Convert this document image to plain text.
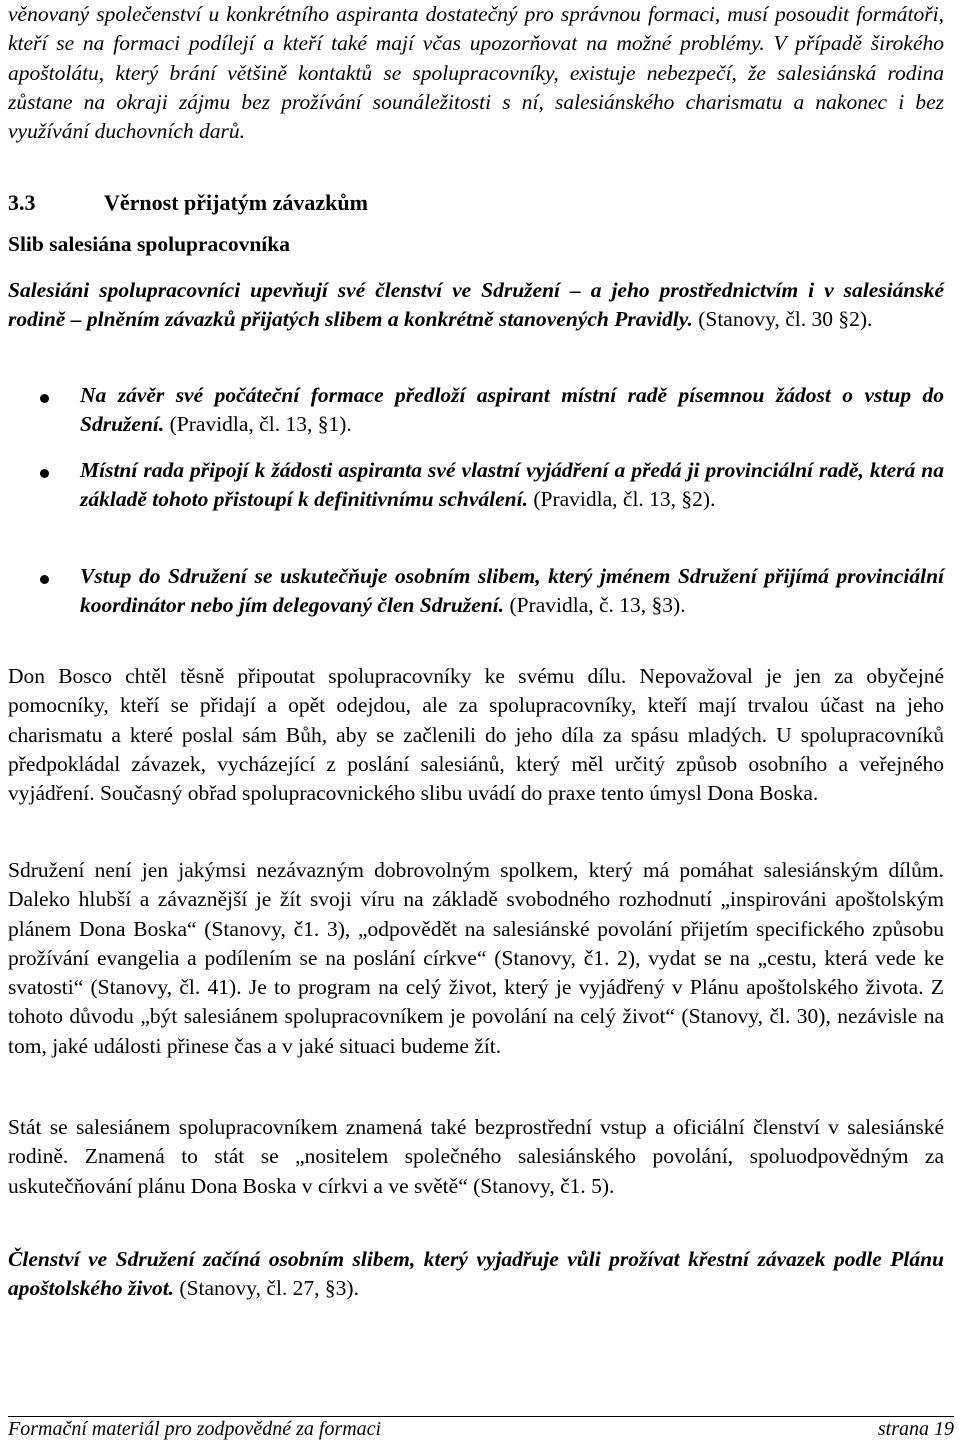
věnovaný společenství u konkrétního aspiranta dostatečný pro správnou formaci, musí posoudit formátoři, kteří se na formaci podílejí a kteří také mají včas upozorňovat na možné problémy. V případě širokého apoštolátu, který brání většině kontaktů se spolupracovníky, existuje nebezpečí, že salesiánská rodina zůstane na okraji zájmu bez prožívání sounáležitosti s ní, salesiánského charismatu a nakonec i bez využívání duchovních darů.

3.3	Věrnost přijatým závazkům
Slib salesiána spolupracovníka

Salesiáni spolupracovníci upevňují své členství ve Sdružení – a jeho prostřednictvím i v salesiánské rodině – plněním závazků přijatých slibem a konkrétně stanovených Pravidly. (Stanovy, čl. 30 §2).

Na závěr své počáteční formace předloží aspirant místní radě písemnou žádost o vstup do Sdružení. (Pravidla, čl. 13, §1).

Místní rada připojí k žádosti aspiranta své vlastní vyjádření a předá ji provinciální radě, která na základě tohoto přistoupí k definitivnímu schválení. (Pravidla, čl. 13, §2).

Vstup do Sdružení se uskutečňuje osobním slibem, který jménem Sdružení přijímá provinciální koordinátor nebo jím delegovaný člen Sdružení. (Pravidla, č. 13, §3).

Don Bosco chtěl těsně připoutat spolupracovníky ke svému dílu. Nepovažoval je jen za obyčejné pomocníky, kteří se přidají a opět odejdou, ale za spolupracovníky, kteří mají trvalou účast na jeho charismatu a které poslal sám Bůh, aby se začlenili do jeho díla za spásu mladých. U spolupracovníků předpokládal závazek, vycházející z poslání salesiánů, který měl určitý způsob osobního a veřejného vyjádření. Současný obřad spolupracovnického slibu uvádí do praxe tento úmysl Dona Boska.

Sdružení není jen jakýmsi nezávazným dobrovolným spolkem, který má pomáhat salesiánským dílům. Daleko hlubší a závaznější je žít svoji víru na základě svobodného rozhodnutí „inspirováni apoštolským plánem Dona Boska“ (Stanovy, č1. 3), „odpovědět na salesiánské povolání přijetím specifického způsobu prožívání evangelia a podílením se na poslání církve“ (Stanovy, č1. 2), vydat se na „cestu, která vede ke svatosti“ (Stanovy, čl. 41). Je to program na celý život, který je vyjádřený v Plánu apoštolského života. Z tohoto důvodu „být salesiánem spolupracovníkem je povolání na celý život“ (Stanovy, čl. 30), nezávisle na tom, jaké události přinese čas a v jaké situaci budeme žít.

Stát se salesiánem spolupracovníkem znamená také bezprostřední vstup a oficiální členství v salesiánské rodině. Znamená to stát se „nositelem společného salesiánského povolání, spoluodpovědným za uskutečňování plánu Dona Boska v církvi a ve světě“ (Stanovy, č1. 5).

Členství ve Sdružení začíná osobním slibem, který vyjadřuje vůli prožívat křestní závazek podle Plánu apoštolského život. (Stanovy, čl. 27, §3).

Formační materiál pro zodpovědné za formaci	strana 19
